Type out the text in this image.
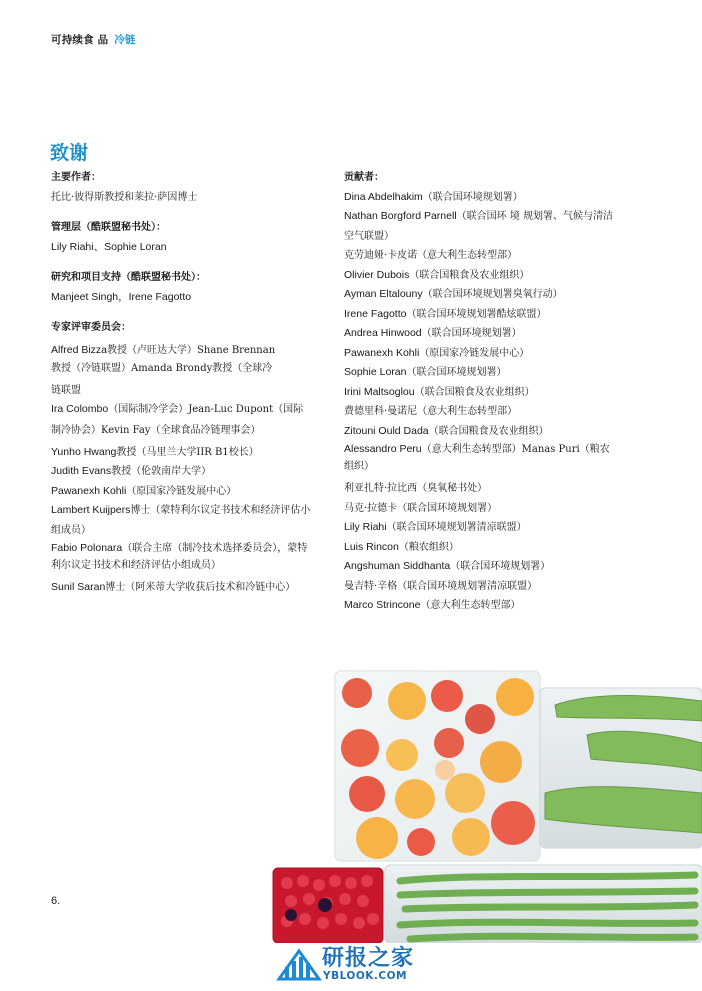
可持续食 品 冷链
致谢

主要作者：

托比·彼得斯教授和莱拉·萨因博士

管理层（酷联盟秘书处）：

Lily Riahi、Sophie Loran

研究和项目支持（酷联盟秘书处）：

Manjeet Singh，Irene Fagotto

专家评审委员会：

Alfred Bizza教授（卢旺达大学）Shane Brennan

教授（冷链联盟）Amanda Brondy教授（全球冷

链联盟

Ira Colombo（国际制冷学会）Jean-Luc Dupont（国际

制冷协会）Kevin Fay（全球食品冷链理事会）

Yunho Hwang教授（马里兰大学IIR B1校长）

Judith Evans教授（伦敦南岸大学）

Pawanexh Kohli（原国家冷链发展中心）

Lambert Kuijpers博士（蒙特利尔议定书技术和经济评估小组成员）

Fabio Polonara（联合主席（制冷技术选择委员会），蒙特利尔议定书技术和经济评估小组成员）

Sunil Saran博士（阿米蒂大学收获后技术和冷链中心）

贡献者：

Dina Abdelhakim（联合国环境规划署）

Nathan Borgford Parnell（联合国环 境 规划署、气候与清洁空气联盟）

克劳迪娅·卡皮诺（意大利生态转型部）

Olivier Dubois（联合国粮食及农业组织）

Ayman Eltalouny（联合国环境规划署臭氧行动）

Irene Fagotto（联合国环境规划署酷炫联盟）

Andrea Hinwood（联合国环境规划署）

Pawanexh Kohli（原国家冷链发展中心）

Sophie Loran（联合国环境规划署）

Irini Maltsoglou（联合国粮食及农业组织）

费德里科·曼诺尼（意大利生态转型部）

Zitouni Ould Dada（联合国粮食及农业组织）

Alessandro Peru（意大利生态转型部）Manas Puri（粮农组织）

利亚扎特·拉比西（臭氧秘书处）

马克·拉德卡（联合国环境规划署）

Lily Riahi（联合国环境规划署清凉联盟）

Luis Rincon（粮农组织）

Angshuman Siddhanta（联合国环境规划署）

曼吉特·辛格（联合国环境规划署清凉联盟）

Marco Strincone（意大利生态转型部）

6.
研报之家
YBLOOK.COM
